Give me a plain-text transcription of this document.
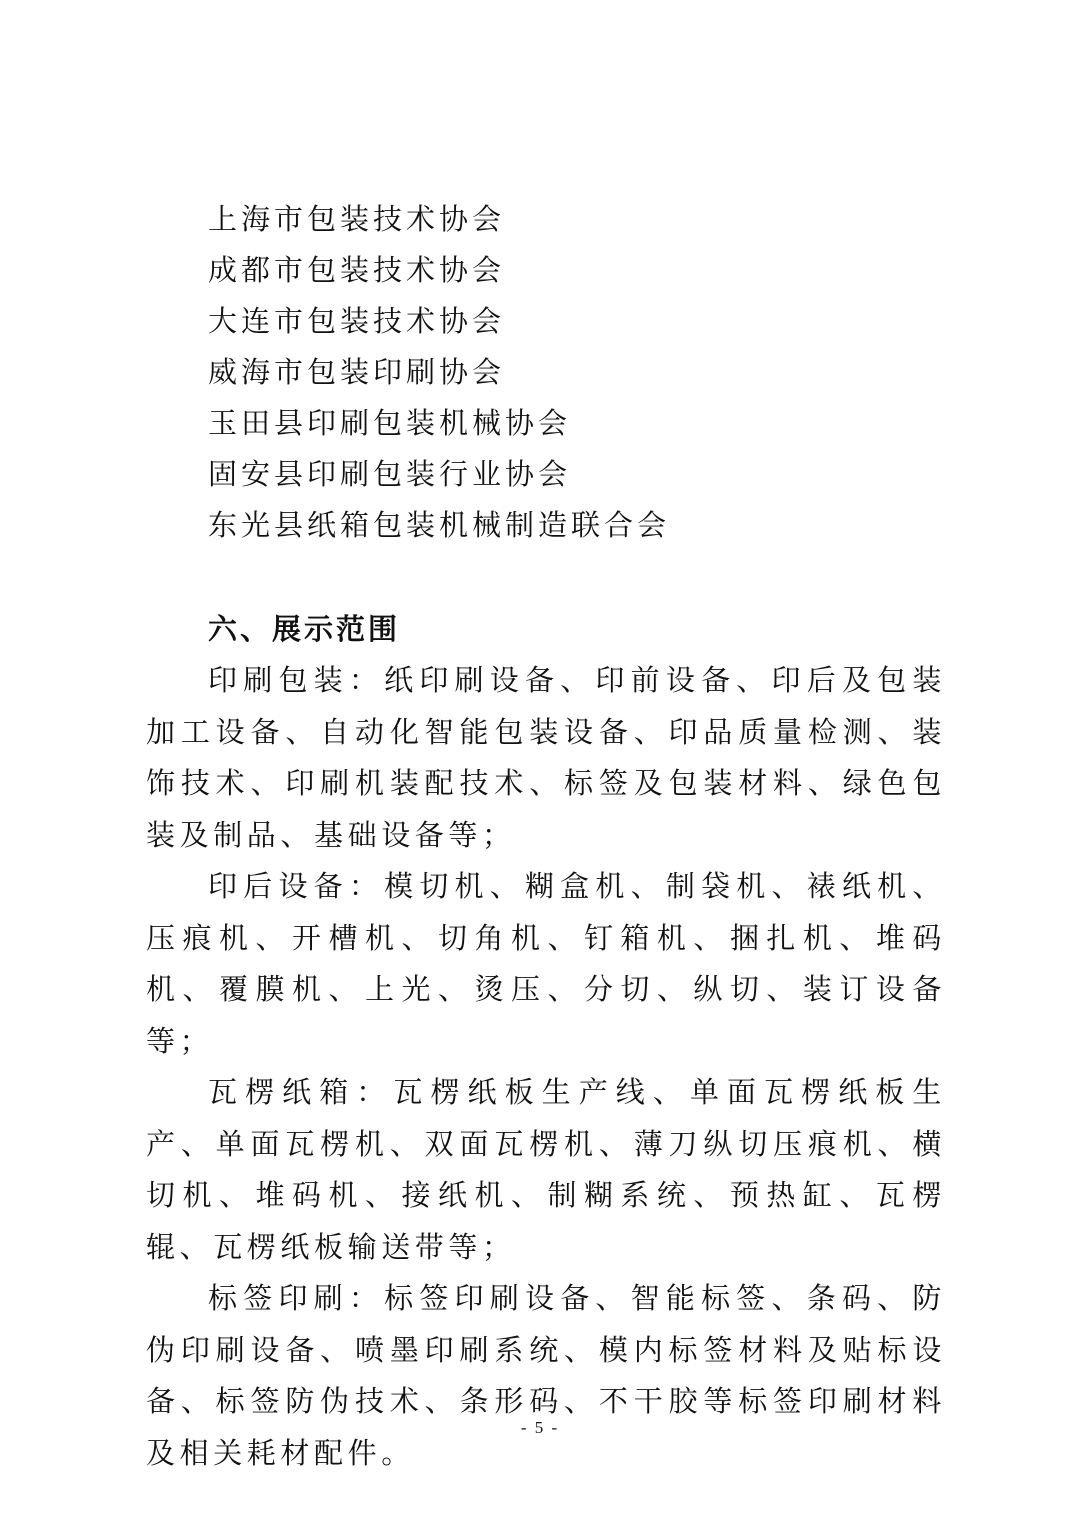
上海市包装技术协会
成都市包装技术协会
大连市包装技术协会
威海市包装印刷协会
玉田县印刷包装机械协会
固安县印刷包装行业协会
东光县纸箱包装机械制造联合会
六、展示范围

印刷包装：纸印刷设备、印前设备、印后及包装加工设备、自动化智能包装设备、印品质量检测、装饰技术、印刷机装配技术、标签及包装材料、绿色包装及制品、基础设备等；

印后设备：模切机、糊盒机、制袋机、裱纸机、压痕机、开槽机、切角机、钉箱机、捆扎机、堆码机、覆膜机、上光、烫压、分切、纵切、装订设备等；

瓦楞纸箱：瓦楞纸板生产线、单面瓦楞纸板生产、单面瓦楞机、双面瓦楞机、薄刀纵切压痕机、横切机、堆码机、接纸机、制糊系统、预热缸、瓦楞辊、瓦楞纸板输送带等；

标签印刷：标签印刷设备、智能标签、条码、防伪印刷设备、喷墨印刷系统、模内标签材料及贴标设备、标签防伪技术、条形码、不干胶等标签印刷材料及相关耗材配件。

- 5 -
